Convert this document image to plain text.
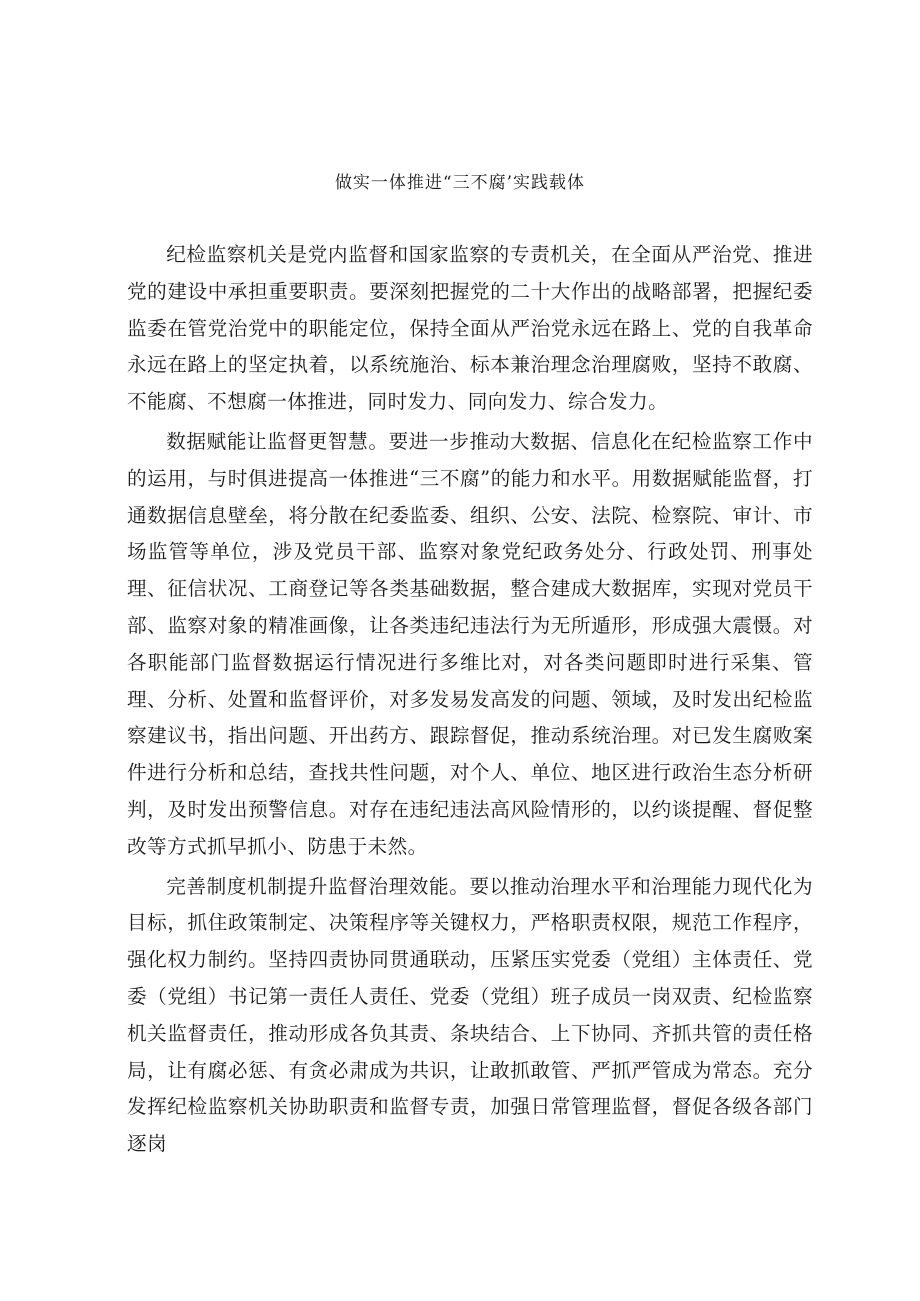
做实一体推进“三不腐’实践载体

纪检监察机关是党内监督和国家监察的专责机关，在全面从严治党、推进党的建设中承担重要职责。要深刻把握党的二十大作出的战略部署，把握纪委监委在管党治党中的职能定位，保持全面从严治党永远在路上、党的自我革命永远在路上的坚定执着，以系统施治、标本兼治理念治理腐败，坚持不敢腐、不能腐、不想腐一体推进，同时发力、同向发力、综合发力。

数据赋能让监督更智慧。要进一步推动大数据、信息化在纪检监察工作中的运用，与时俱进提高一体推进“三不腐”的能力和水平。用数据赋能监督，打通数据信息壁垒，将分散在纪委监委、组织、公安、法院、检察院、审计、市场监管等单位，涉及党员干部、监察对象党纪政务处分、行政处罚、刑事处理、征信状况、工商登记等各类基础数据，整合建成大数据库，实现对党员干部、监察对象的精准画像，让各类违纪违法行为无所遁形，形成强大震慑。对各职能部门监督数据运行情况进行多维比对，对各类问题即时进行采集、管理、分析、处置和监督评价，对多发易发高发的问题、领域，及时发出纪检监察建议书，指出问题、开出药方、跟踪督促，推动系统治理。对已发生腐败案件进行分析和总结，查找共性问题，对个人、单位、地区进行政治生态分析研判，及时发出预警信息。对存在违纪违法高风险情形的，以约谈提醒、督促整改等方式抓早抓小、防患于未然。

完善制度机制提升监督治理效能。要以推动治理水平和治理能力现代化为目标，抓住政策制定、决策程序等关键权力，严格职责权限，规范工作程序，强化权力制约。坚持四责协同贯通联动，压紧压实党委（党组）主体责任、党委（党组）书记第一责任人责任、党委（党组）班子成员一岗双责、纪检监察机关监督责任，推动形成各负其责、条块结合、上下协同、齐抓共管的责任格局，让有腐必惩、有贪必肃成为共识，让敢抓敢管、严抓严管成为常态。充分发挥纪检监察机关协助职责和监督专责，加强日常管理监督，督促各级各部门逐岗
